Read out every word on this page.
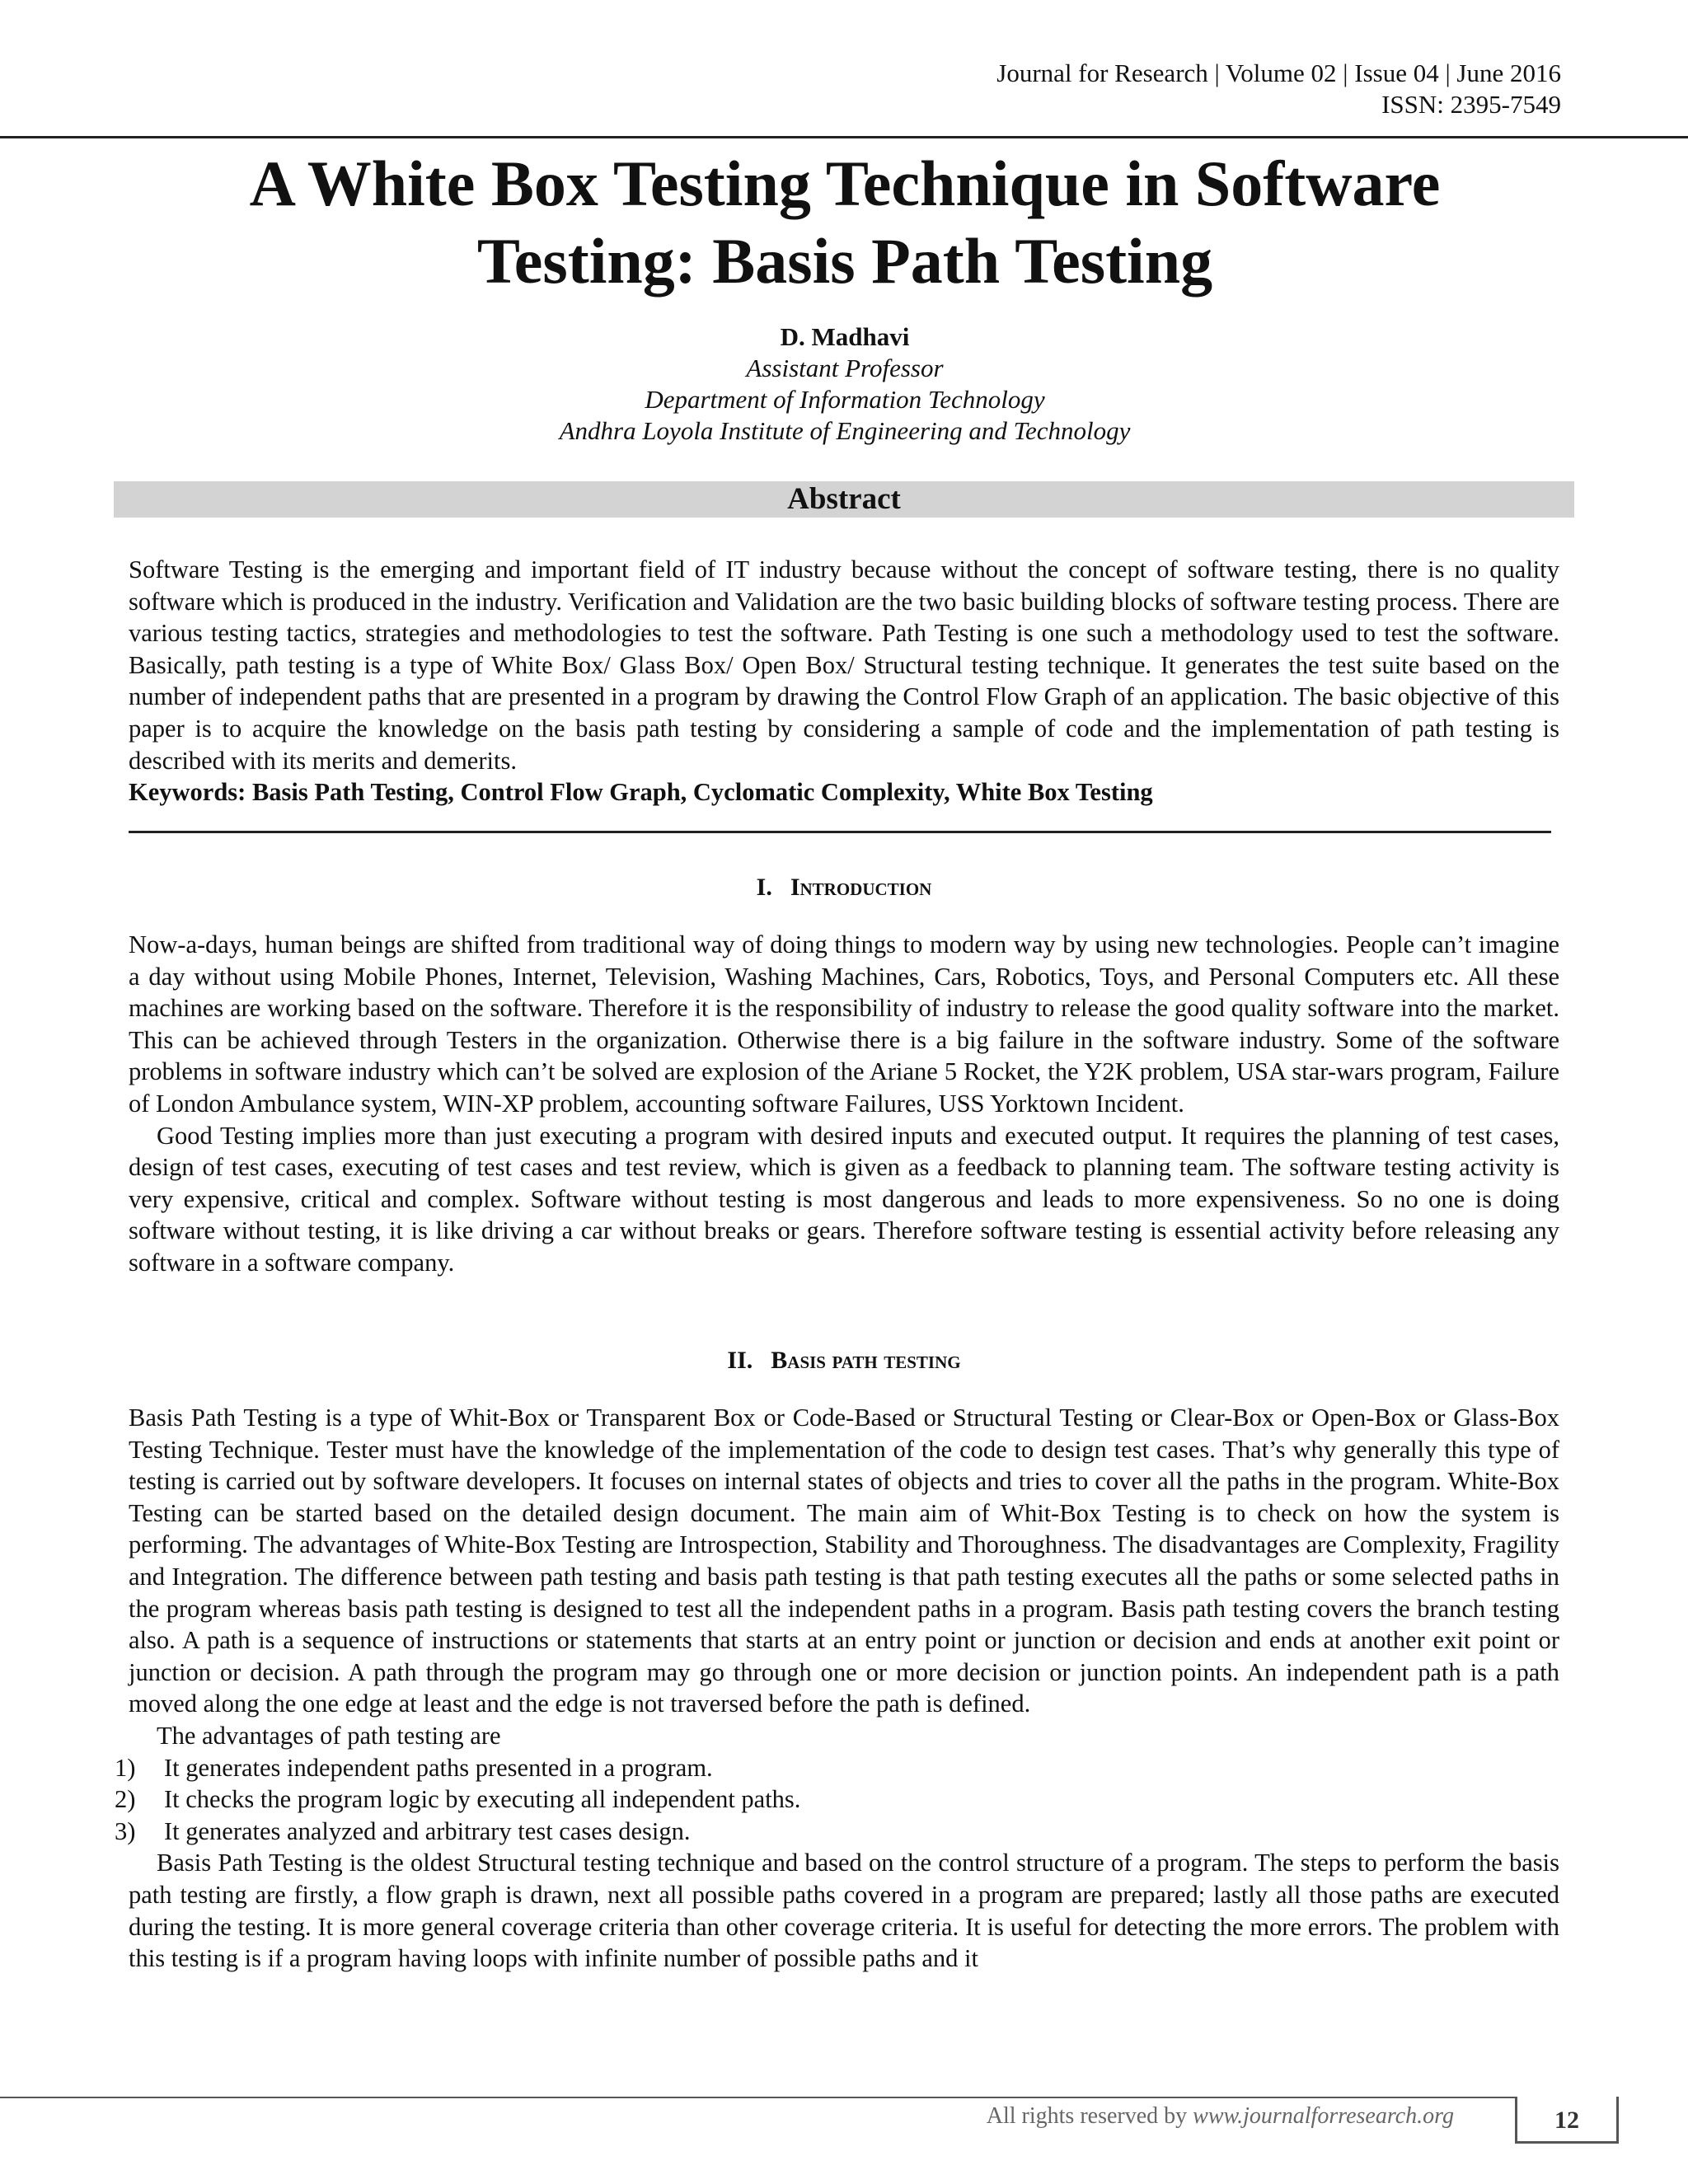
Journal for Research | Volume 02 | Issue 04 | June 2016
ISSN: 2395-7549
A White Box Testing Technique in Software
Testing: Basis Path Testing
D. Madhavi
Assistant Professor
Department of Information Technology
Andhra Loyola Institute of Engineering and Technology
Abstract

Software Testing is the emerging and important field of IT industry because without the concept of software testing, there is no quality software which is produced in the industry. Verification and Validation are the two basic building blocks of software testing process. There are various testing tactics, strategies and methodologies to test the software. Path Testing is one such a methodology used to test the software. Basically, path testing is a type of White Box/ Glass Box/ Open Box/ Structural testing technique. It generates the test suite based on the number of independent paths that are presented in a program by drawing the Control Flow Graph of an application. The basic objective of this paper is to acquire the knowledge on the basis path testing by considering a sample of code and the implementation of path testing is described with its merits and demerits.

Keywords: Basis Path Testing, Control Flow Graph, Cyclomatic Complexity, White Box Testing

I. Introduction

Now-a-days, human beings are shifted from traditional way of doing things to modern way by using new technologies. People can’t imagine a day without using Mobile Phones, Internet, Television, Washing Machines, Cars, Robotics, Toys, and Personal Computers etc. All these machines are working based on the software. Therefore it is the responsibility of industry to release the good quality software into the market. This can be achieved through Testers in the organization. Otherwise there is a big failure in the software industry. Some of the software problems in software industry which can’t be solved are explosion of the Ariane 5 Rocket, the Y2K problem, USA star-wars program, Failure of London Ambulance system, WIN-XP problem, accounting software Failures, USS Yorktown Incident.

Good Testing implies more than just executing a program with desired inputs and executed output. It requires the planning of test cases, design of test cases, executing of test cases and test review, which is given as a feedback to planning team. The software testing activity is very expensive, critical and complex. Software without testing is most dangerous and leads to more expensiveness. So no one is doing software without testing, it is like driving a car without breaks or gears. Therefore software testing is essential activity before releasing any software in a software company.

II. Basis path testing

Basis Path Testing is a type of Whit-Box or Transparent Box or Code-Based or Structural Testing or Clear-Box or Open-Box or Glass-Box Testing Technique. Tester must have the knowledge of the implementation of the code to design test cases. That’s why generally this type of testing is carried out by software developers. It focuses on internal states of objects and tries to cover all the paths in the program. White-Box Testing can be started based on the detailed design document. The main aim of Whit-Box Testing is to check on how the system is performing. The advantages of White-Box Testing are Introspection, Stability and Thoroughness. The disadvantages are Complexity, Fragility and Integration. The difference between path testing and basis path testing is that path testing executes all the paths or some selected paths in the program whereas basis path testing is designed to test all the independent paths in a program. Basis path testing covers the branch testing also. A path is a sequence of instructions or statements that starts at an entry point or junction or decision and ends at another exit point or junction or decision. A path through the program may go through one or more decision or junction points. An independent path is a path moved along the one edge at least and the edge is not traversed before the path is defined.

The advantages of path testing are

1) It generates independent paths presented in a program.
2) It checks the program logic by executing all independent paths.
3) It generates analyzed and arbitrary test cases design.

Basis Path Testing is the oldest Structural testing technique and based on the control structure of a program. The steps to perform the basis path testing are firstly, a flow graph is drawn, next all possible paths covered in a program are prepared; lastly all those paths are executed during the testing. It is more general coverage criteria than other coverage criteria. It is useful for detecting the more errors. The problem with this testing is if a program having loops with infinite number of possible paths and it

All rights reserved by www.journalforresearch.org	12
